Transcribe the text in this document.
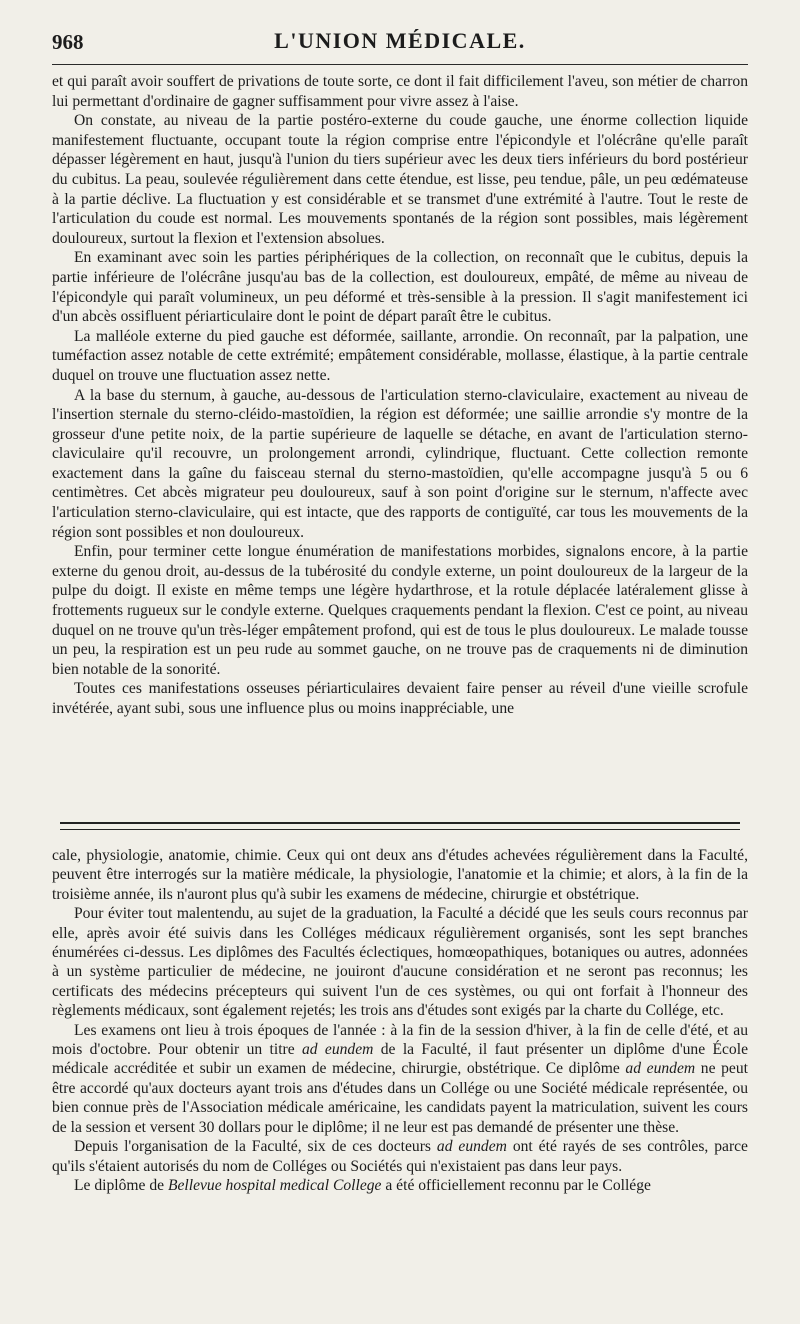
968	L'UNION MÉDICALE.

et qui paraît avoir souffert de privations de toute sorte, ce dont il fait difficilement l'aveu, son métier de charron lui permettant d'ordinaire de gagner suffisamment pour vivre assez à l'aise.

On constate, au niveau de la partie postéro-externe du coude gauche, une énorme collection liquide manifestement fluctuante, occupant toute la région comprise entre l'épicondyle et l'olécrâne qu'elle paraît dépasser légèrement en haut, jusqu'à l'union du tiers supérieur avec les deux tiers inférieurs du bord postérieur du cubitus. La peau, soulevée régulièrement dans cette étendue, est lisse, peu tendue, pâle, un peu œdémateuse à la partie déclive. La fluctuation y est considérable et se transmet d'une extrémité à l'autre. Tout le reste de l'articulation du coude est normal. Les mouvements spontanés de la région sont possibles, mais légèrement douloureux, surtout la flexion et l'extension absolues.

En examinant avec soin les parties périphériques de la collection, on reconnaît que le cubitus, depuis la partie inférieure de l'olécrâne jusqu'au bas de la collection, est douloureux, empâté, de même au niveau de l'épicondyle qui paraît volumineux, un peu déformé et très-sensible à la pression. Il s'agit manifestement ici d'un abcès ossifluent périarticulaire dont le point de départ paraît être le cubitus.

La malléole externe du pied gauche est déformée, saillante, arrondie. On reconnaît, par la palpation, une tuméfaction assez notable de cette extrémité; empâtement considérable, mollasse, élastique, à la partie centrale duquel on trouve une fluctuation assez nette.

A la base du sternum, à gauche, au-dessous de l'articulation sterno-claviculaire, exactement au niveau de l'insertion sternale du sterno-cléido-mastoïdien, la région est déformée; une saillie arrondie s'y montre de la grosseur d'une petite noix, de la partie supérieure de laquelle se détache, en avant de l'articulation sterno-claviculaire qu'il recouvre, un prolongement arrondi, cylindrique, fluctuant. Cette collection remonte exactement dans la gaîne du faisceau sternal du sterno-mastoïdien, qu'elle accompagne jusqu'à 5 ou 6 centimètres. Cet abcès migrateur peu douloureux, sauf à son point d'origine sur le sternum, n'affecte avec l'articulation sterno-claviculaire, qui est intacte, que des rapports de contiguïté, car tous les mouvements de la région sont possibles et non douloureux.

Enfin, pour terminer cette longue énumération de manifestations morbides, signalons encore, à la partie externe du genou droit, au-dessus de la tubérosité du condyle externe, un point douloureux de la largeur de la pulpe du doigt. Il existe en même temps une légère hydarthrose, et la rotule déplacée latéralement glisse à frottements rugueux sur le condyle externe. Quelques craquements pendant la flexion. C'est ce point, au niveau duquel on ne trouve qu'un très-léger empâtement profond, qui est de tous le plus douloureux. Le malade tousse un peu, la respiration est un peu rude au sommet gauche, on ne trouve pas de craquements ni de diminution bien notable de la sonorité.

Toutes ces manifestations osseuses périarticulaires devaient faire penser au réveil d'une vieille scrofule invétérée, ayant subi, sous une influence plus ou moins inappréciable, une

cale, physiologie, anatomie, chimie. Ceux qui ont deux ans d'études achevées régulièrement dans la Faculté, peuvent être interrogés sur la matière médicale, la physiologie, l'anatomie et la chimie; et alors, à la fin de la troisième année, ils n'auront plus qu'à subir les examens de médecine, chirurgie et obstétrique.

Pour éviter tout malentendu, au sujet de la graduation, la Faculté a décidé que les seuls cours reconnus par elle, après avoir été suivis dans les Colléges médicaux régulièrement organisés, sont les sept branches énumérées ci-dessus. Les diplômes des Facultés éclectiques, homœopathiques, botaniques ou autres, adonnées à un système particulier de médecine, ne jouiront d'aucune considération et ne seront pas reconnus; les certificats des médecins précepteurs qui suivent l'un de ces systèmes, ou qui ont forfait à l'honneur des règlements médicaux, sont également rejetés; les trois ans d'études sont exigés par la charte du Collége, etc.

Les examens ont lieu à trois époques de l'année : à la fin de la session d'hiver, à la fin de celle d'été, et au mois d'octobre. Pour obtenir un titre ad eundem de la Faculté, il faut présenter un diplôme d'une École médicale accréditée et subir un examen de médecine, chirurgie, obstétrique. Ce diplôme ad eundem ne peut être accordé qu'aux docteurs ayant trois ans d'études dans un Collége ou une Société médicale représentée, ou bien connue près de l'Association médicale américaine, les candidats payent la matriculation, suivent les cours de la session et versent 30 dollars pour le diplôme; il ne leur est pas demandé de présenter une thèse.

Depuis l'organisation de la Faculté, six de ces docteurs ad eundem ont été rayés de ses contrôles, parce qu'ils s'étaient autorisés du nom de Colléges ou Sociétés qui n'existaient pas dans leur pays.

Le diplôme de Bellevue hospital medical College a été officiellement reconnu par le Collége
